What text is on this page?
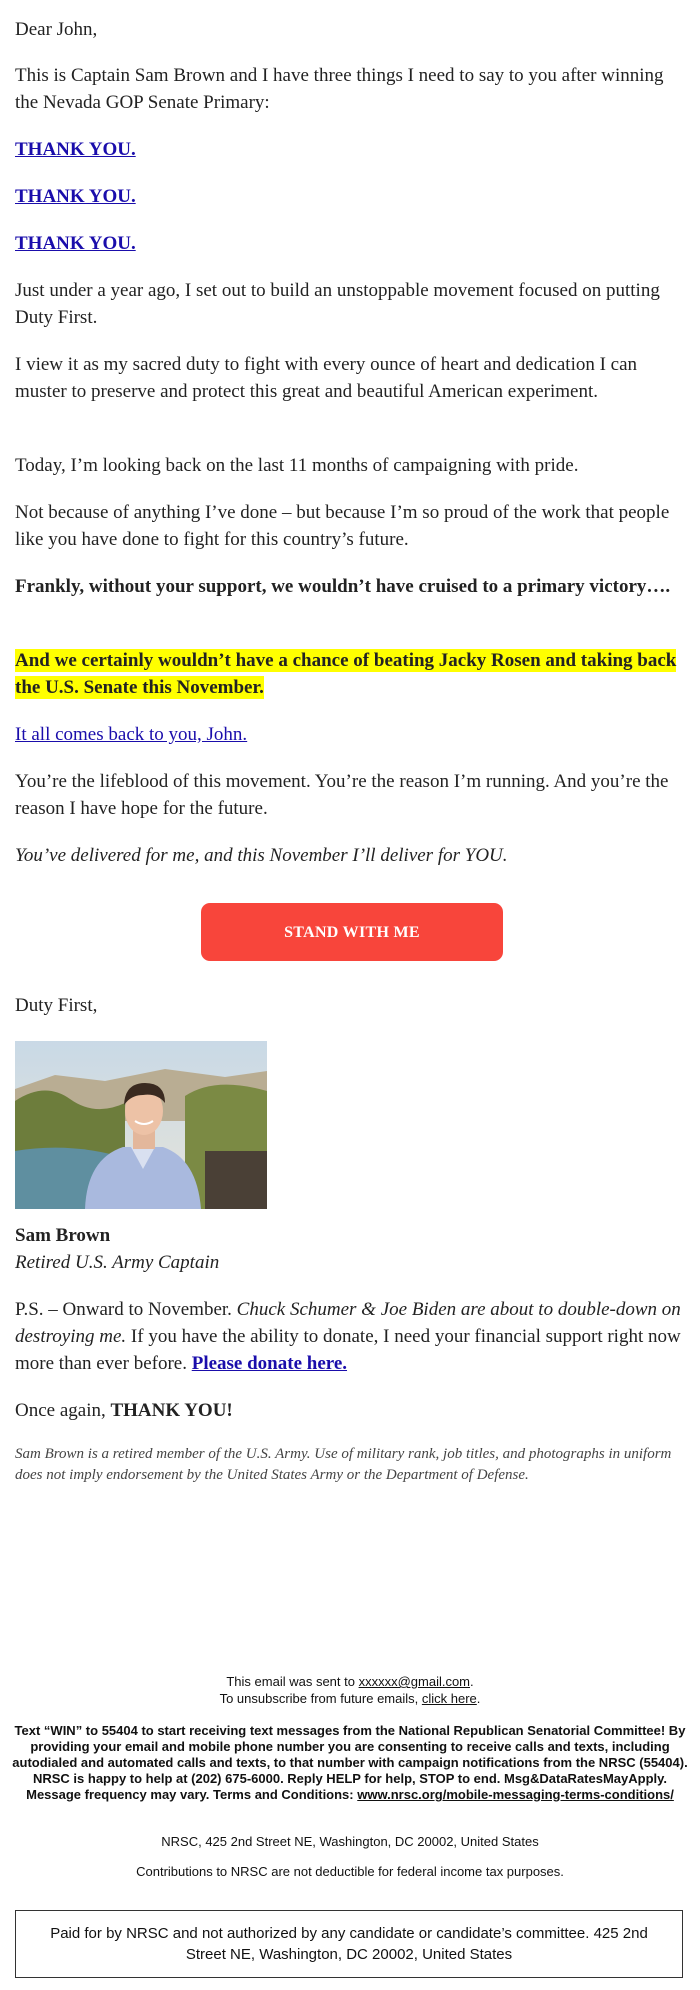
Dear John,

This is Captain Sam Brown and I have three things I need to say to you after winning the Nevada GOP Senate Primary:

THANK YOU.

THANK YOU.

THANK YOU.

Just under a year ago, I set out to build an unstoppable movement focused on putting Duty First.

I view it as my sacred duty to fight with every ounce of heart and dedication I can muster to preserve and protect this great and beautiful American experiment.

Today, I’m looking back on the last 11 months of campaigning with pride.

Not because of anything I’ve done – but because I’m so proud of the work that people like you have done to fight for this country’s future.

Frankly, without your support, we wouldn’t have cruised to a primary victory….

And we certainly wouldn’t have a chance of beating Jacky Rosen and taking back the U.S. Senate this November.

It all comes back to you, John.

You’re the lifeblood of this movement. You’re the reason I’m running. And you’re the reason I have hope for the future.

You’ve delivered for me, and this November I’ll deliver for YOU.

STAND WITH ME

Duty First,

Sam Brown

Retired U.S. Army Captain

P.S. – Onward to November. Chuck Schumer & Joe Biden are about to double-down on destroying me. If you have the ability to donate, I need your financial support right now more than ever before. Please donate here.

Once again, THANK YOU!

Sam Brown is a retired member of the U.S. Army. Use of military rank, job titles, and photographs in uniform does not imply endorsement by the United States Army or the Department of Defense.

This email was sent to xxxxxx@gmail.com.

To unsubscribe from future emails, click here.

Text “WIN” to 55404 to start receiving text messages from the National Republican Senatorial Committee! By providing your email and mobile phone number you are consenting to receive calls and texts, including autodialed and automated calls and texts, to that number with campaign notifications from the NRSC (55404). NRSC is happy to help at (202) 675-6000. Reply HELP for help, STOP to end. Msg&DataRatesMayApply. Message frequency may vary. Terms and Conditions: www.nrsc.org/mobile-messaging-terms-conditions/

NRSC, 425 2nd Street NE, Washington, DC 20002, United States

Contributions to NRSC are not deductible for federal income tax purposes.

Paid for by NRSC and not authorized by any candidate or candidate’s committee. 425 2nd Street NE, Washington, DC 20002, United States
